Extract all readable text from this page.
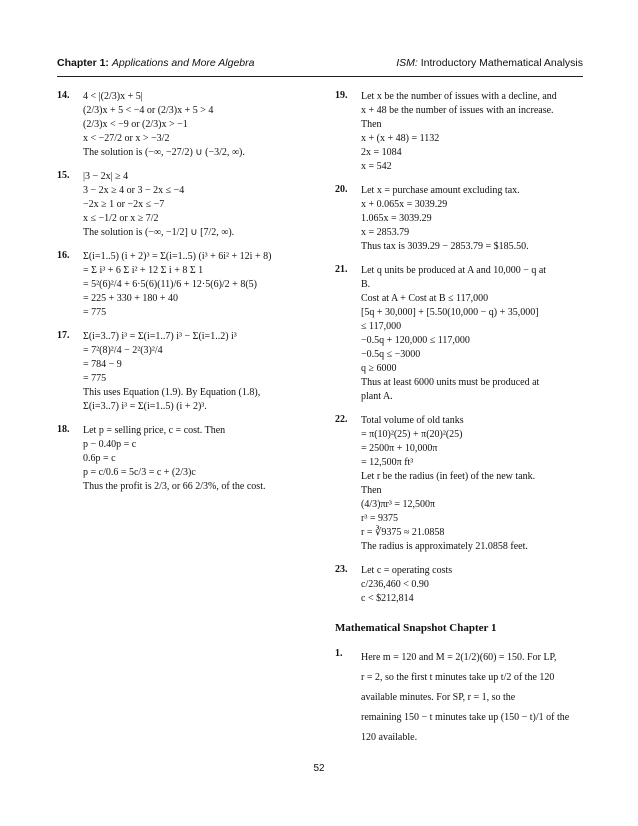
Chapter 1: Applications and More Algebra	ISM: Introductory Mathematical Analysis
14. 4 < |(2/3)x + 5|
(2/3)x + 5 < −4 or (2/3)x + 5 > 4
(2/3)x < −9 or (2/3)x > −1
x < −27/2 or x > −3/2
The solution is (−∞, −27/2) ∪ (−3/2, ∞).
15. |3 − 2x| ≥ 4
3 − 2x ≥ 4 or 3 − 2x ≤ −4
−2x ≥ 1 or −2x ≤ −7
x ≤ −1/2 or x ≥ 7/2
The solution is (−∞, −1/2] ∪ [7/2, ∞).
16. Σ(i=1..5) (i + 2)³ = Σ(i=1..5) (i³ + 6i² + 12i + 8)
= Σ i³ + 6 Σ i² + 12 Σ i + 8 Σ 1
= 5²(6)²/4 + 6·5(6)(11)/6 + 12·5(6)/2 + 8(5)
= 225 + 330 + 180 + 40
= 775
17. Σ(i=3..7) i³ = Σ(i=1..7) i³ − Σ(i=1..2) i³
= 7²(8)²/4 − 2²(3)²/4
= 784 − 9
= 775
This uses Equation (1.9). By Equation (1.8),
Σ(i=3..7) i³ = Σ(i=1..5) (i + 2)³.
18. Let p = selling price, c = cost. Then
p − 0.40p = c
0.6p = c
p = c/0.6 = 5c/3 = c + (2/3)c
Thus the profit is 2/3, or 66 2/3%, of the cost.
19. Let x be the number of issues with a decline, and
x + 48 be the number of issues with an increase.
Then
x + (x + 48) = 1132
2x = 1084
x = 542
20. Let x = purchase amount excluding tax.
x + 0.065x = 3039.29
1.065x = 3039.29
x = 2853.79
Thus tax is 3039.29 − 2853.79 = $185.50.
21. Let q units be produced at A and 10,000 − q at
B.
Cost at A + Cost at B ≤ 117,000
[5q + 30,000] + [5.50(10,000 − q) + 35,000]
≤ 117,000
−0.5q + 120,000 ≤ 117,000
−0.5q ≤ −3000
q ≥ 6000
Thus at least 6000 units must be produced at
plant A.
22. Total volume of old tanks
= π(10)²(25) + π(20)²(25)
= 2500π + 10,000π
= 12,500π ft³
Let r be the radius (in feet) of the new tank.
Then
(4/3)πr³ = 12,500π
r³ = 9375
r = ∛9375 ≈ 21.0858
The radius is approximately 21.0858 feet.
23. Let c = operating costs
c/236,460 < 0.90
c < $212,814
Mathematical Snapshot Chapter 1
1. Here m = 120 and M = 2(1/2)(60) = 150. For LP,
r = 2, so the first t minutes take up t/2 of the 120
available minutes. For SP, r = 1, so the
remaining 150 − t minutes take up (150 − t)/1 of the
120 available.
52
